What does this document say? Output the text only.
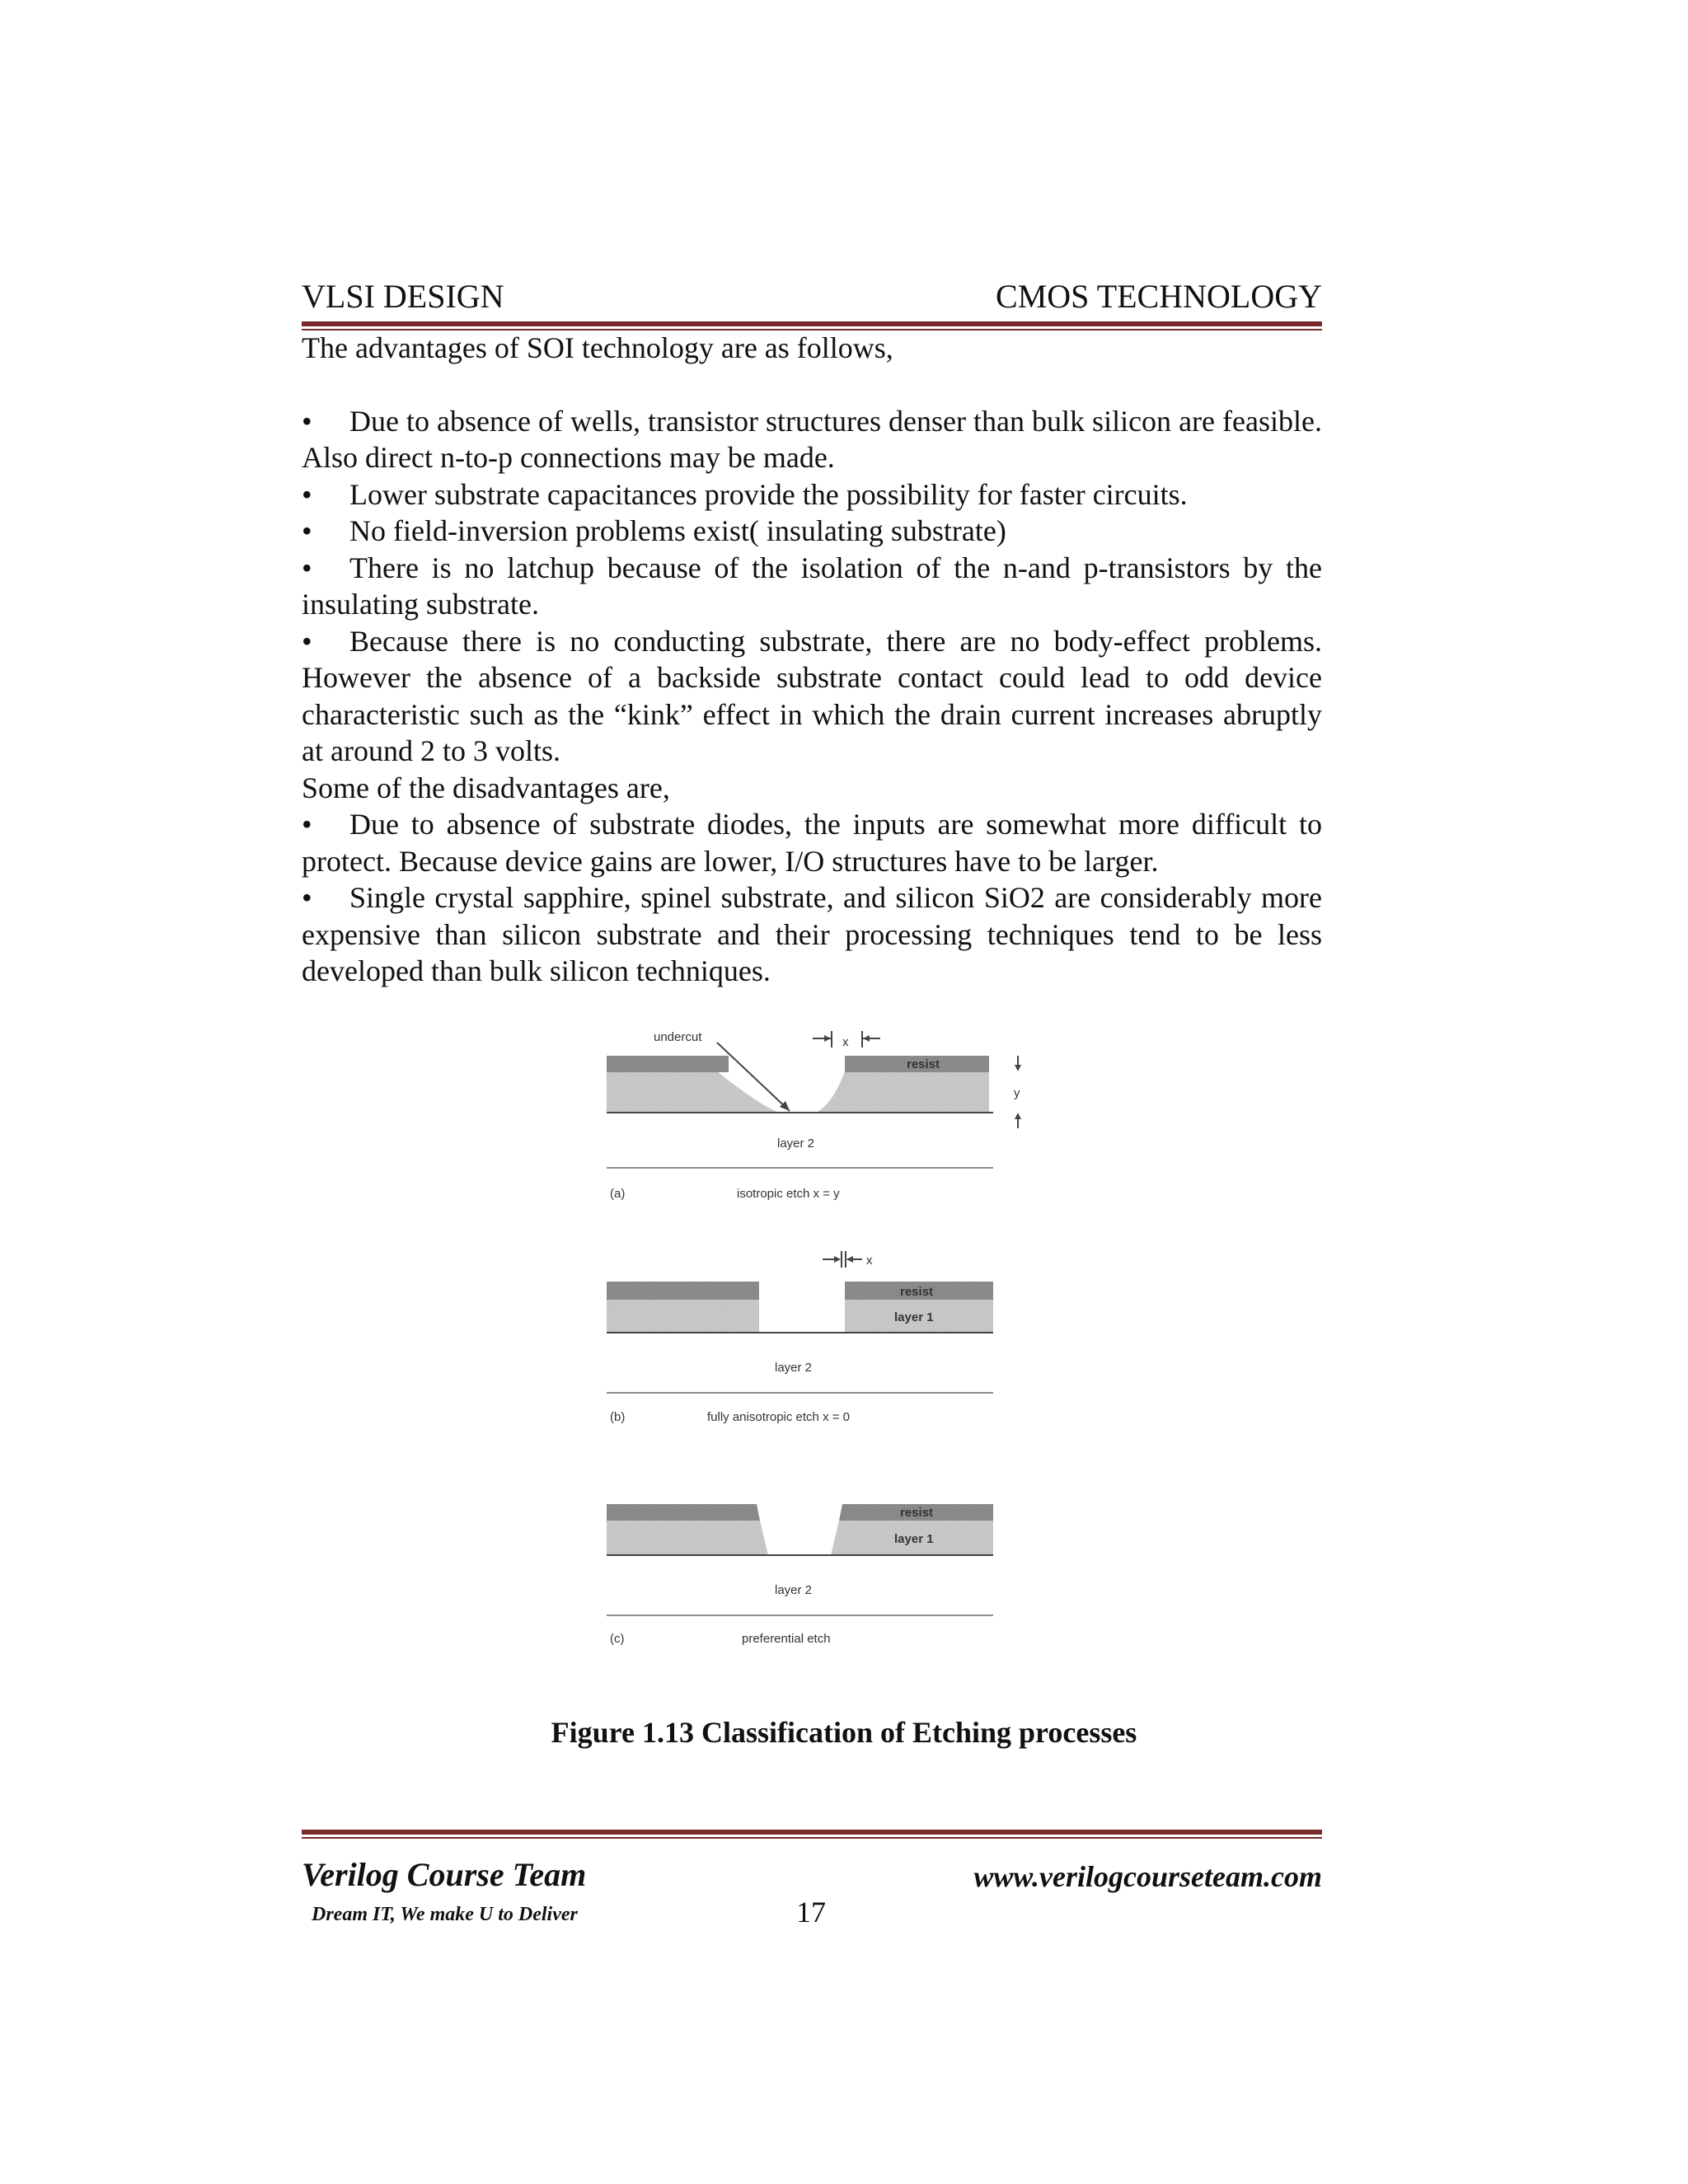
VLSI DESIGN	CMOS TECHNOLOGY

The advantages of SOI technology are as follows,

• Due to absence of wells, transistor structures denser than bulk silicon are feasible. Also direct n-to-p connections may be made.

• Lower substrate capacitances provide the possibility for faster circuits.

• No field-inversion problems exist( insulating substrate)

• There is no latchup because of the isolation of the n-and p-transistors by the insulating substrate.

• Because there is no conducting substrate, there are no body-effect problems. However the absence of a backside substrate contact could lead to odd device characteristic such as the “kink” effect in which the drain current increases abruptly at around 2 to 3 volts.

Some of the disadvantages are,

• Due to absence of substrate diodes, the inputs are somewhat more difficult to protect. Because device gains are lower, I/O structures have to be larger.

• Single crystal sapphire, spinel substrate, and silicon SiO2 are considerably more expensive than silicon substrate and their processing techniques tend to be less developed than bulk silicon techniques.

undercut	x
resist
y
layer 2
(a)	isotropic etch x = y
x
resist
layer 1
layer 2
(b)	fully anisotropic etch x = 0
resist
layer 1
layer 2
(c)	preferential etch
Figure 1.13 Classification of Etching processes
Verilog Course Team	www.verilogcourseteam.com
Dream IT, We make U to Deliver	17
